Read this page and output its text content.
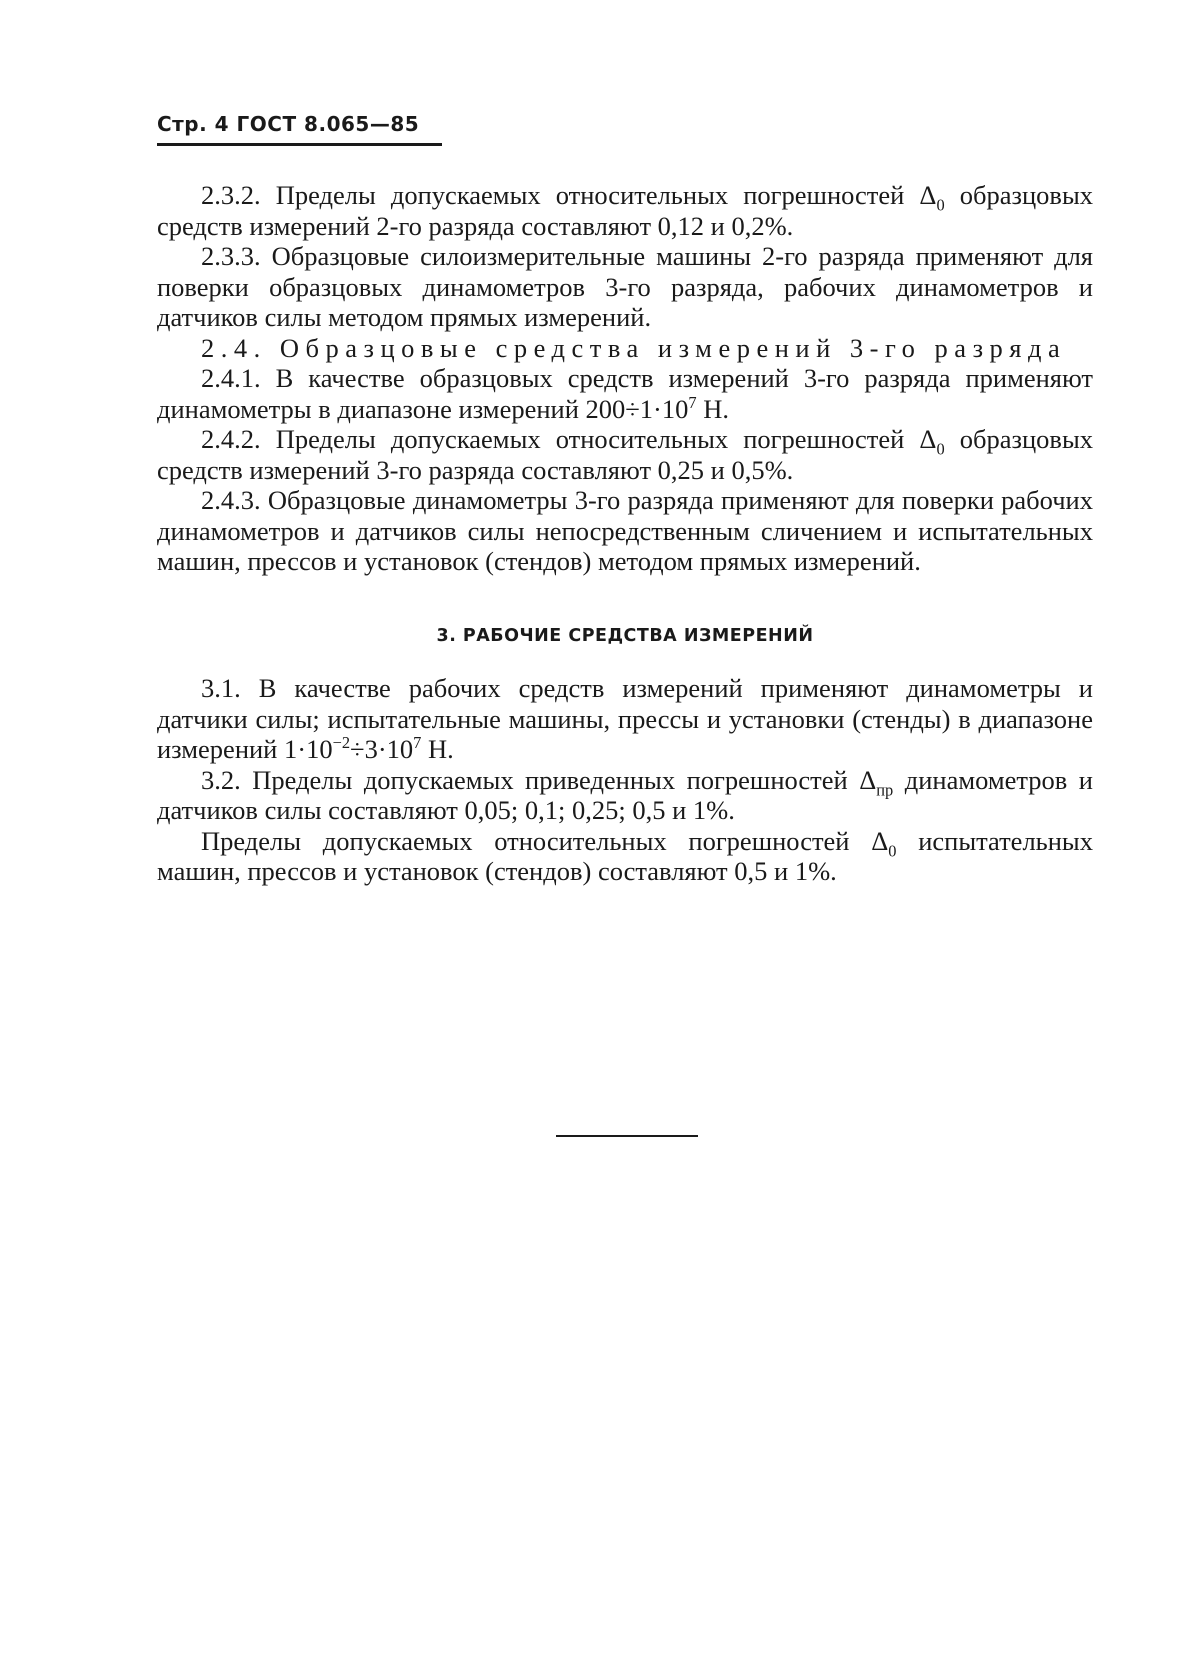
Стр. 4 ГОСТ 8.065—85

2.3.2. Пределы допускаемых относительных погрешностей $\Delta_0$ образцовых средств измерений 2-го разряда составляют 0,12 и 0,2%.

2.3.3. Образцовые силоизмерительные машины 2-го разряда применяют для поверки образцовых динамометров 3-го разряда, рабочих динамометров и датчиков силы методом прямых измерений.

2.4. Образцовые средства измерений 3-го разряда

2.4.1. В качестве образцовых средств измерений 3-го разряда применяют динамометры в диапазоне измерений $200\div 1\cdot 10^7$ Н.

2.4.2. Пределы допускаемых относительных погрешностей $\Delta_0$ образцовых средств измерений 3-го разряда составляют 0,25 и 0,5%.

2.4.3. Образцовые динамометры 3-го разряда применяют для поверки рабочих динамометров и датчиков силы непосредственным сличением и испытательных машин, прессов и установок (стендов) методом прямых измерений.

3. РАБОЧИЕ СРЕДСТВА ИЗМЕРЕНИЙ

3.1. В качестве рабочих средств измерений применяют динамометры и датчики силы; испытательные машины, прессы и установки (стенды) в диапазоне измерений $1\cdot 10^{-2}\div 3\cdot 10^7$ Н.

3.2. Пределы допускаемых приведенных погрешностей $\Delta_{пр}$ динамометров и датчиков силы составляют 0,05; 0,1; 0,25; 0,5 и 1%.

Пределы допускаемых относительных погрешностей $\Delta_0$ испытательных машин, прессов и установок (стендов) составляют 0,5 и 1%.
